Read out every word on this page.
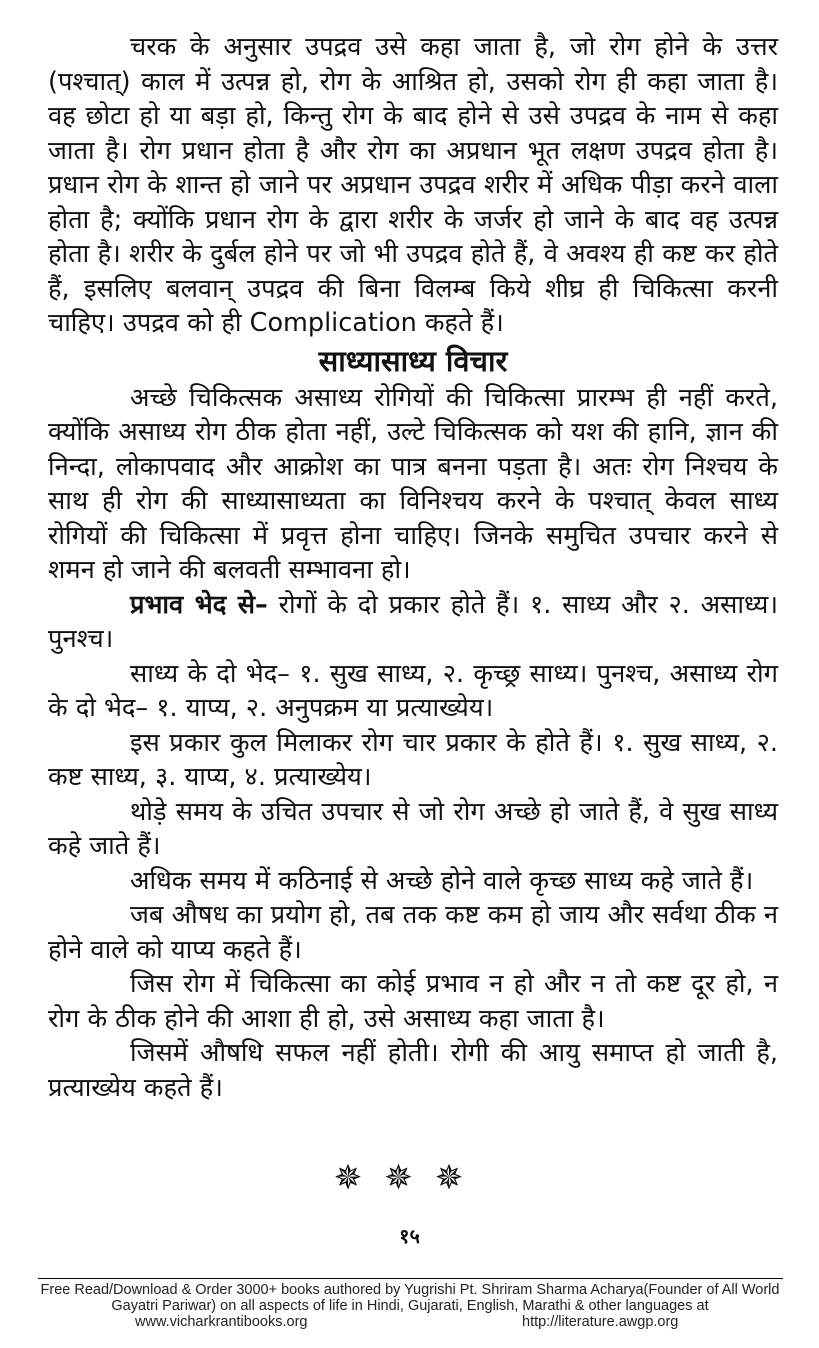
चरक के अनुसार उपद्रव उसे कहा जाता है, जो रोग होने के उत्तर (पश्चात्) काल में उत्पन्न हो, रोग के आश्रित हो, उसको रोग ही कहा जाता है। वह छोटा हो या बड़ा हो, किन्तु रोग के बाद होने से उसे उपद्रव के नाम से कहा जाता है। रोग प्रधान होता है और रोग का अप्रधान भूत लक्षण उपद्रव होता है। प्रधान रोग के शान्त हो जाने पर अप्रधान उपद्रव शरीर में अधिक पीड़ा करने वाला होता है; क्योंकि प्रधान रोग के द्वारा शरीर के जर्जर हो जाने के बाद वह उत्पन्न होता है। शरीर के दुर्बल होने पर जो भी उपद्रव होते हैं, वे अवश्य ही कष्ट कर होते हैं, इसलिए बलवान् उपद्रव की बिना विलम्ब किये शीघ्र ही चिकित्सा करनी चाहिए। उपद्रव को ही Complication कहते हैं।

साध्यासाध्य विचार

अच्छे चिकित्सक असाध्य रोगियों की चिकित्सा प्रारम्भ ही नहीं करते, क्योंकि असाध्य रोग ठीक होता नहीं, उल्टे चिकित्सक को यश की हानि, ज्ञान की निन्दा, लोकापवाद और आक्रोश का पात्र बनना पड़ता है। अतः रोग निश्चय के साथ ही रोग की साध्यासाध्यता का विनिश्चय करने के पश्चात् केवल साध्य रोगियों की चिकित्सा में प्रवृत्त होना चाहिए। जिनके समुचित उपचार करने से शमन हो जाने की बलवती सम्भावना हो।

प्रभाव भेद से– रोगों के दो प्रकार होते हैं। १. साध्य और २. असाध्य। पुनश्च।

साध्य के दो भेद– १. सुख साध्य, २. कृच्छ्र साध्य। पुनश्च, असाध्य रोग के दो भेद– १. याप्य, २. अनुपक्रम या प्रत्याख्येय।

इस प्रकार कुल मिलाकर रोग चार प्रकार के होते हैं। १. सुख साध्य, २. कष्ट साध्य, ३. याप्य, ४. प्रत्याख्येय।

थोड़े समय के उचित उपचार से जो रोग अच्छे हो जाते हैं, वे सुख साध्य कहे जाते हैं।

अधिक समय में कठिनाई से अच्छे होने वाले कृच्छ साध्य कहे जाते हैं।

जब औषध का प्रयोग हो, तब तक कष्ट कम हो जाय और सर्वथा ठीक न होने वाले को याप्य कहते हैं।

जिस रोग में चिकित्सा का कोई प्रभाव न हो और न तो कष्ट दूर हो, न रोग के ठीक होने की आशा ही हो, उसे असाध्य कहा जाता है।

जिसमें औषधि सफल नहीं होती। रोगी की आयु समाप्त हो जाती है, प्रत्याख्येय कहते हैं।

✵✵✵
१५
Free Read/Download & Order 3000+ books authored by Yugrishi Pt. Shriram Sharma Acharya(Founder of All World Gayatri Pariwar) on all aspects of life in Hindi, Gujarati, English, Marathi & other languages at
www.vicharkrantibooks.org	http://literature.awgp.org
